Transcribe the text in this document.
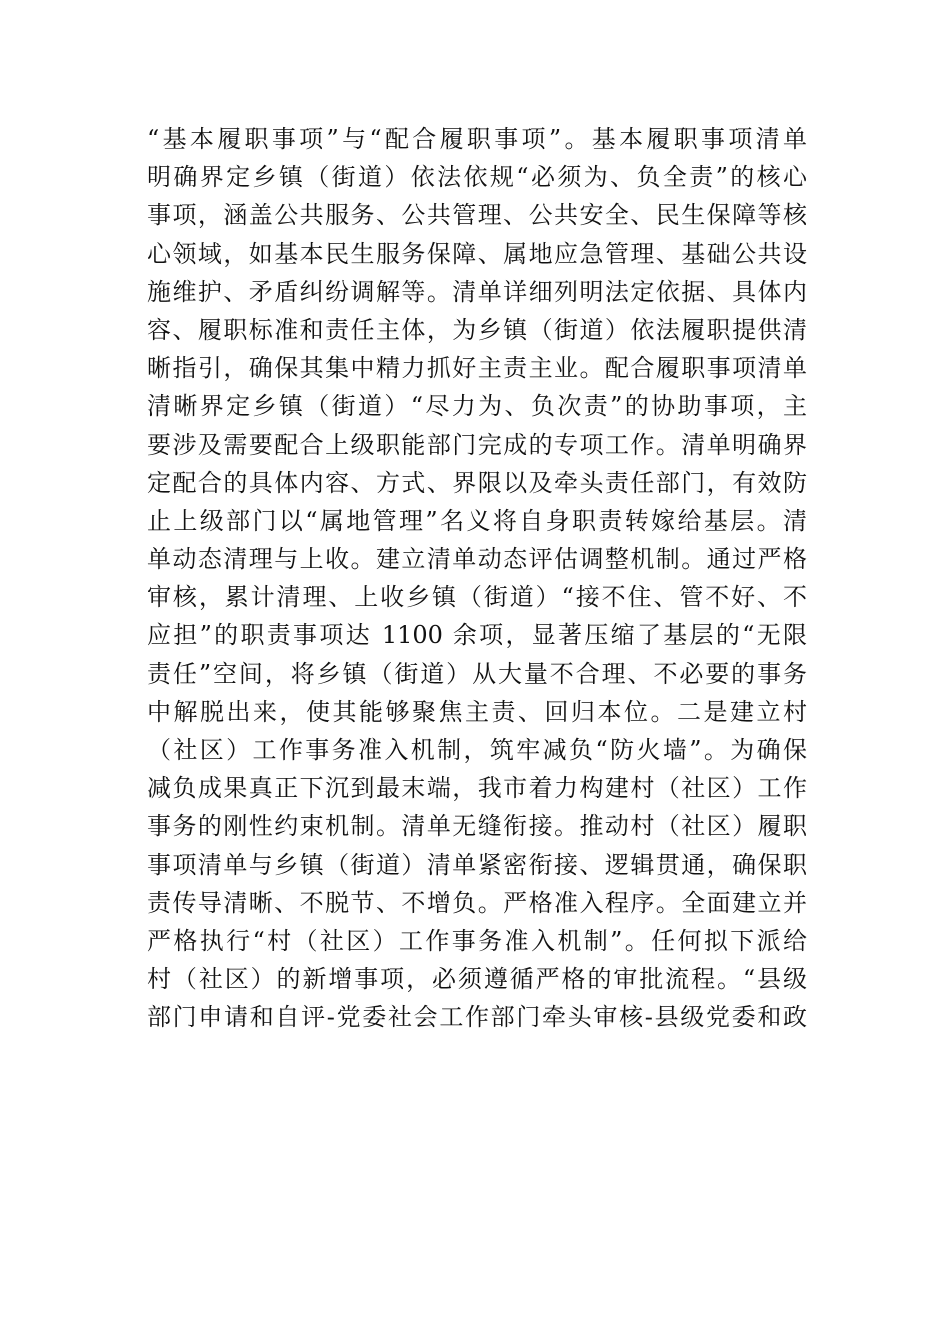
“基本履职事项”与“配合履职事项”。基本履职事项清单
明确界定乡镇（街道）依法依规“必须为、负全责”的核心
事项，涵盖公共服务、公共管理、公共安全、民生保障等核
心领域，如基本民生服务保障、属地应急管理、基础公共设
施维护、矛盾纠纷调解等。清单详细列明法定依据、具体内
容、履职标准和责任主体，为乡镇（街道）依法履职提供清
晰指引，确保其集中精力抓好主责主业。配合履职事项清单
清晰界定乡镇（街道）“尽力为、负次责”的协助事项，主
要涉及需要配合上级职能部门完成的专项工作。清单明确界
定配合的具体内容、方式、界限以及牵头责任部门，有效防
止上级部门以“属地管理”名义将自身职责转嫁给基层。清
单动态清理与上收。建立清单动态评估调整机制。通过严格
审核，累计清理、上收乡镇（街道）“接不住、管不好、不
应担”的职责事项达 1100 余项，显著压缩了基层的“无限
责任”空间，将乡镇（街道）从大量不合理、不必要的事务
中解脱出来，使其能够聚焦主责、回归本位。二是建立村
（社区）工作事务准入机制，筑牢减负“防火墙”。为确保
减负成果真正下沉到最末端，我市着力构建村（社区）工作
事务的刚性约束机制。清单无缝衔接。推动村（社区）履职
事项清单与乡镇（街道）清单紧密衔接、逻辑贯通，确保职
责传导清晰、不脱节、不增负。严格准入程序。全面建立并
严格执行“村（社区）工作事务准入机制”。任何拟下派给
村（社区）的新增事项，必须遵循严格的审批流程。“县级
部门申请和自评-党委社会工作部门牵头审核-县级党委和政
